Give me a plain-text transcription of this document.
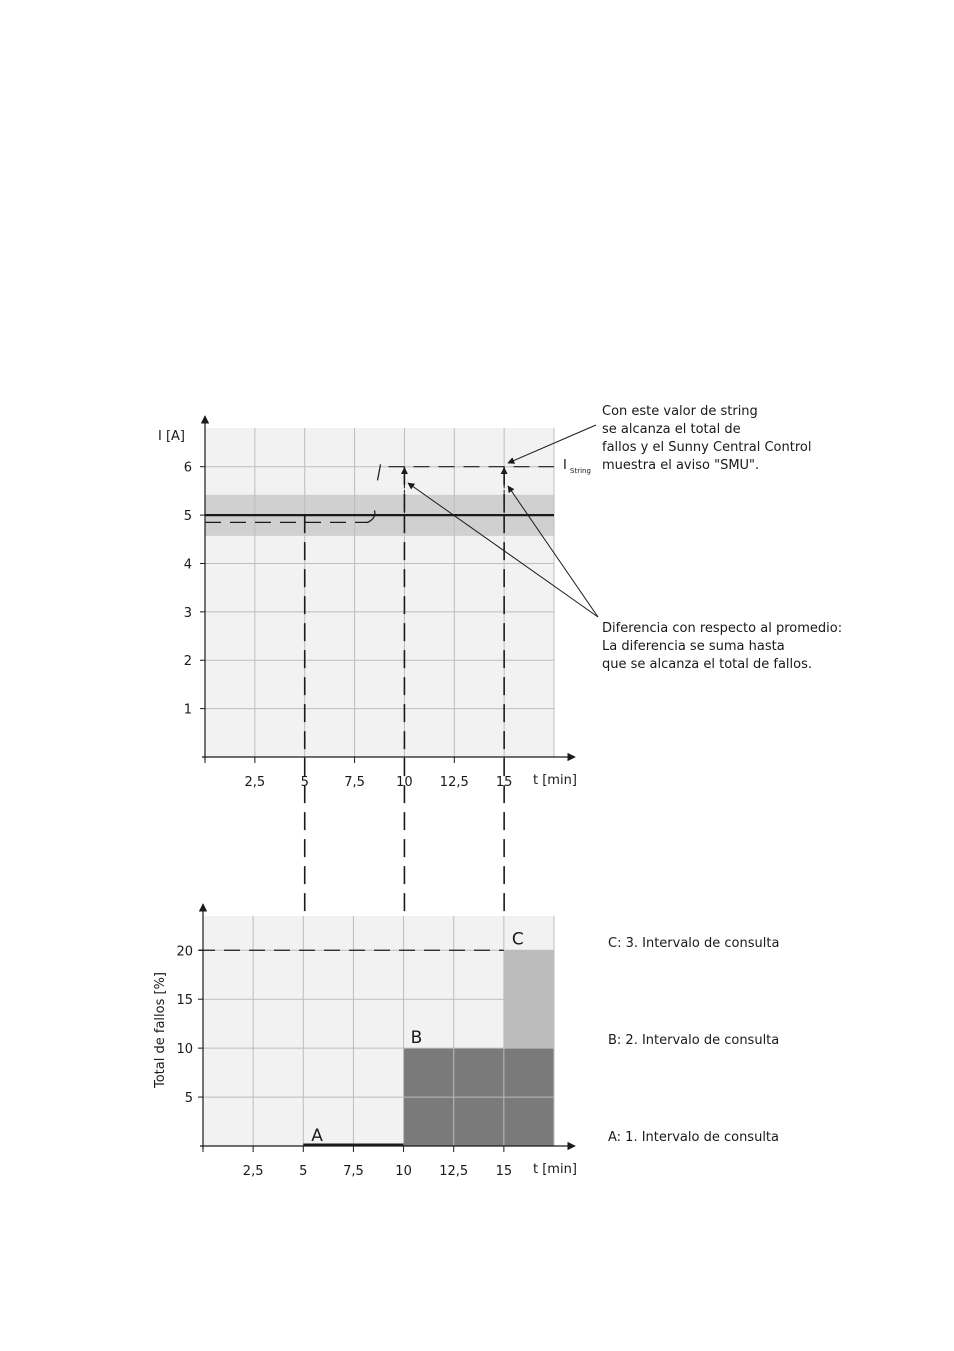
I [A]
t [min]
2,5	5	7,5 10 12,5 15
1
2
3
4
5
6	I String
Con este valor de string
se alcanza el total de
fallos y el Sunny Central Control
muestra el aviso "SMU".
Diferencia con respecto al promedio:
La diferencia se suma hasta
que se alcanza el total de fallos.
Total de fallos [%]
t [min]
2,5	5	7,5 10 12,5 15
5
10
15
20
A
B
C	C: 3. Intervalo de consulta
B: 2. Intervalo de consulta
A: 1. Intervalo de consulta
